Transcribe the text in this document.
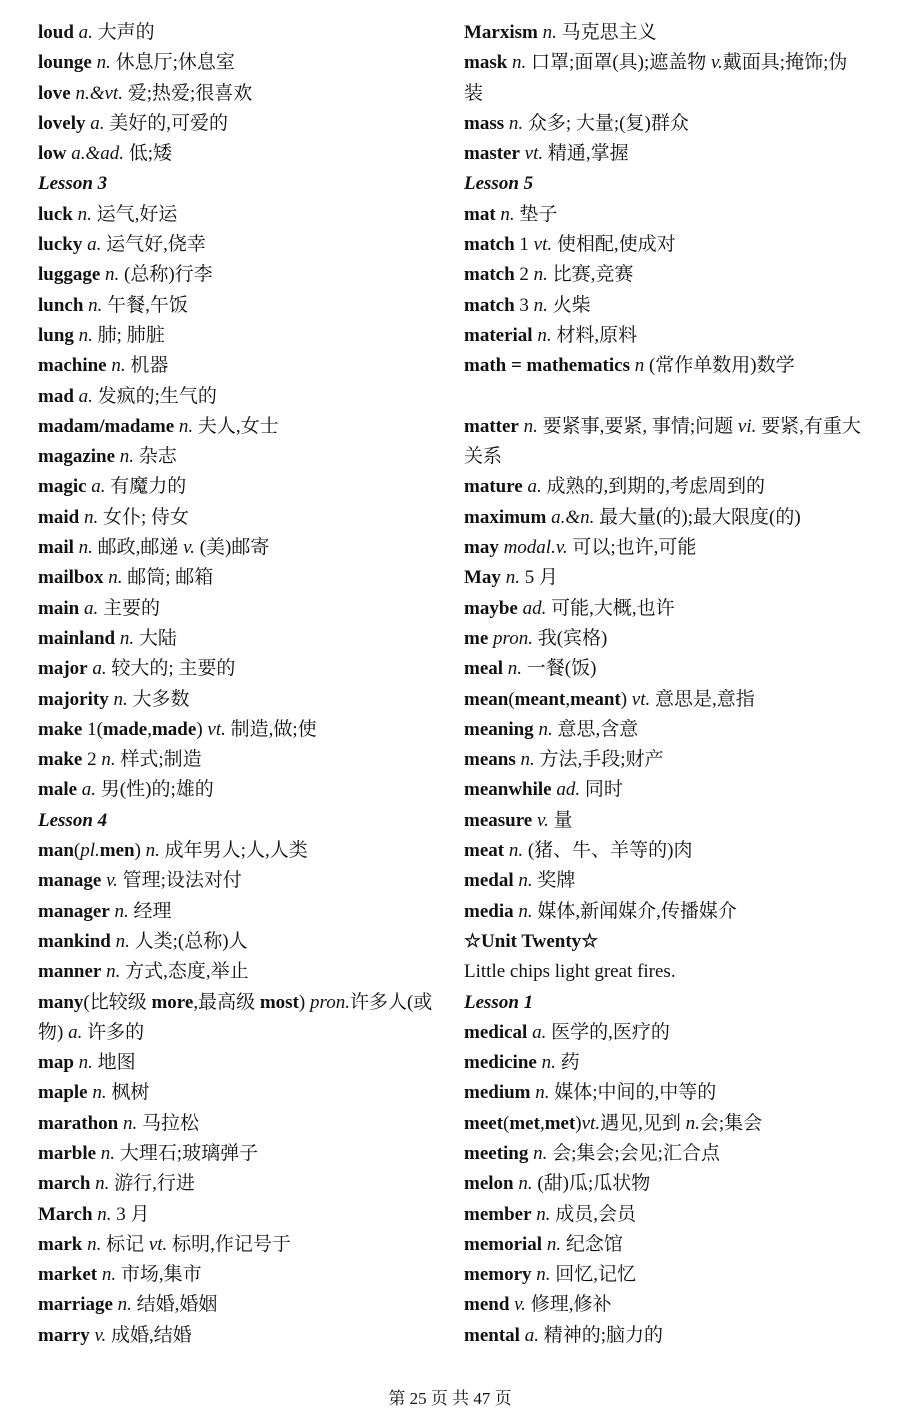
loud a. 大声的
lounge n. 休息厅;休息室
love n.&vt. 爱;热爱;很喜欢
lovely a. 美好的,可爱的
low a.&ad. 低;矮
Lesson 3
luck n. 运气,好运
lucky a. 运气好,侥幸
luggage n. (总称)行李
lunch n. 午餐,午饭
lung n. 肺; 肺脏
machine n. 机器
mad a. 发疯的;生气的
madam/madame n. 夫人,女士
magazine n. 杂志
magic a. 有魔力的
maid n. 女仆; 侍女
mail n. 邮政,邮递 v. (美)邮寄
mailbox n. 邮筒; 邮箱
main a. 主要的
mainland n. 大陆
major a. 较大的; 主要的
majority n. 大多数
make 1(made,made) vt. 制造,做;使
make 2 n. 样式;制造
male a. 男(性)的;雄的
Lesson 4
man(pl.men) n. 成年男人;人,人类
manage v. 管理;设法对付
manager n. 经理
mankind n. 人类;(总称)人
manner n. 方式,态度,举止
many(比较级 more,最高级 most) pron.许多人(或物) a. 许多的
map n. 地图
maple n. 枫树
marathon n. 马拉松
marble n. 大理石;玻璃弹子
march n. 游行,行进
March n. 3 月
mark n. 标记 vt. 标明,作记号于
market n. 市场,集市
marriage n. 结婚,婚姻
marry v. 成婚,结婚
Marxism n. 马克思主义
mask n. 口罩;面罩(具);遮盖物 v.戴面具;掩饰;伪装
mass n. 众多; 大量;(复)群众
master vt. 精通,掌握
Lesson 5
mat n. 垫子
match 1 vt. 使相配,使成对
match 2 n. 比赛,竞赛
match 3 n. 火柴
material n. 材料,原料
math = mathematics n (常作单数用)数学
matter n. 要紧事,要紧, 事情;问题 vi. 要紧,有重大关系
mature a. 成熟的,到期的,考虑周到的
maximum a.&n. 最大量(的);最大限度(的)
may modal.v. 可以;也许,可能
May n. 5 月
maybe ad. 可能,大概,也许
me pron. 我(宾格)
meal n. 一餐(饭)
mean(meant,meant) vt. 意思是,意指
meaning n. 意思,含意
means n. 方法,手段;财产
meanwhile ad. 同时
measure v. 量
meat n. (猪、牛、羊等的)肉
medal n. 奖牌
media n. 媒体,新闻媒介,传播媒介
☆Unit Twenty☆
Little chips light great fires.
Lesson 1
medical a. 医学的,医疗的
medicine n. 药
medium n. 媒体;中间的,中等的
meet(met,met)vt.遇见,见到 n.会;集会
meeting n. 会;集会;会见;汇合点
melon n. (甜)瓜;瓜状物
member n. 成员,会员
memorial n. 纪念馆
memory n. 回忆,记忆
mend v. 修理,修补
mental a. 精神的;脑力的
第 25 页 共 47 页
